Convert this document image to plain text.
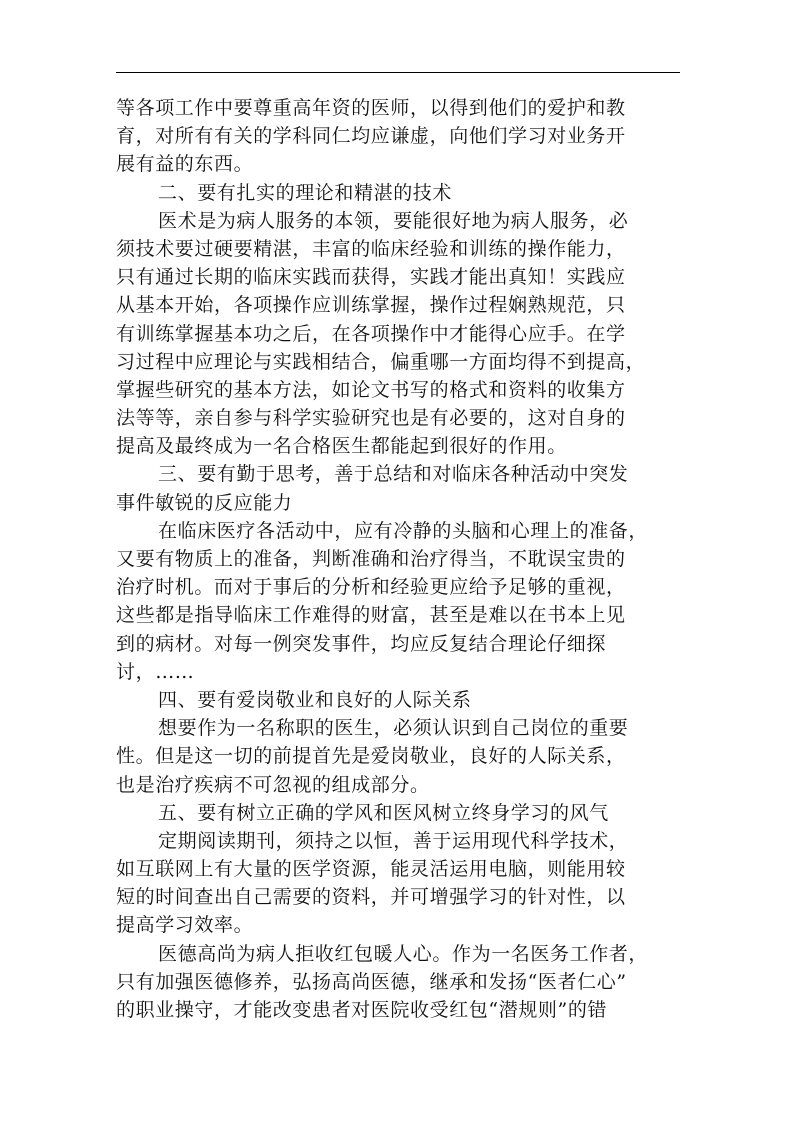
等各项工作中要尊重高年资的医师，以得到他们的爱护和教
育，对所有有关的学科同仁均应谦虚，向他们学习对业务开
展有益的东西。
二、要有扎实的理论和精湛的技术
医术是为病人服务的本领，要能很好地为病人服务，必
须技术要过硬要精湛，丰富的临床经验和训练的操作能力，
只有通过长期的临床实践而获得，实践才能出真知！实践应
从基本开始，各项操作应训练掌握，操作过程娴熟规范，只
有训练掌握基本功之后，在各项操作中才能得心应手。在学
习过程中应理论与实践相结合，偏重哪一方面均得不到提高，
掌握些研究的基本方法，如论文书写的格式和资料的收集方
法等等，亲自参与科学实验研究也是有必要的，这对自身的
提高及最终成为一名合格医生都能起到很好的作用。
三、要有勤于思考，善于总结和对临床各种活动中突发
事件敏锐的反应能力
在临床医疗各活动中，应有冷静的头脑和心理上的准备，
又要有物质上的准备，判断准确和治疗得当，不耽误宝贵的
治疗时机。而对于事后的分析和经验更应给予足够的重视，
这些都是指导临床工作难得的财富，甚至是难以在书本上见
到的病材。对每一例突发事件，均应反复结合理论仔细探
讨，……
四、要有爱岗敬业和良好的人际关系
想要作为一名称职的医生，必须认识到自己岗位的重要
性。但是这一切的前提首先是爱岗敬业，良好的人际关系，
也是治疗疾病不可忽视的组成部分。
五、要有树立正确的学风和医风树立终身学习的风气
定期阅读期刊，须持之以恒，善于运用现代科学技术，
如互联网上有大量的医学资源，能灵活运用电脑，则能用较
短的时间查出自己需要的资料，并可增强学习的针对性，以
提高学习效率。
医德高尚为病人拒收红包暖人心。作为一名医务工作者，
只有加强医德修养，弘扬高尚医德，继承和发扬“医者仁心”
的职业操守，才能改变患者对医院收受红包“潜规则”的错
